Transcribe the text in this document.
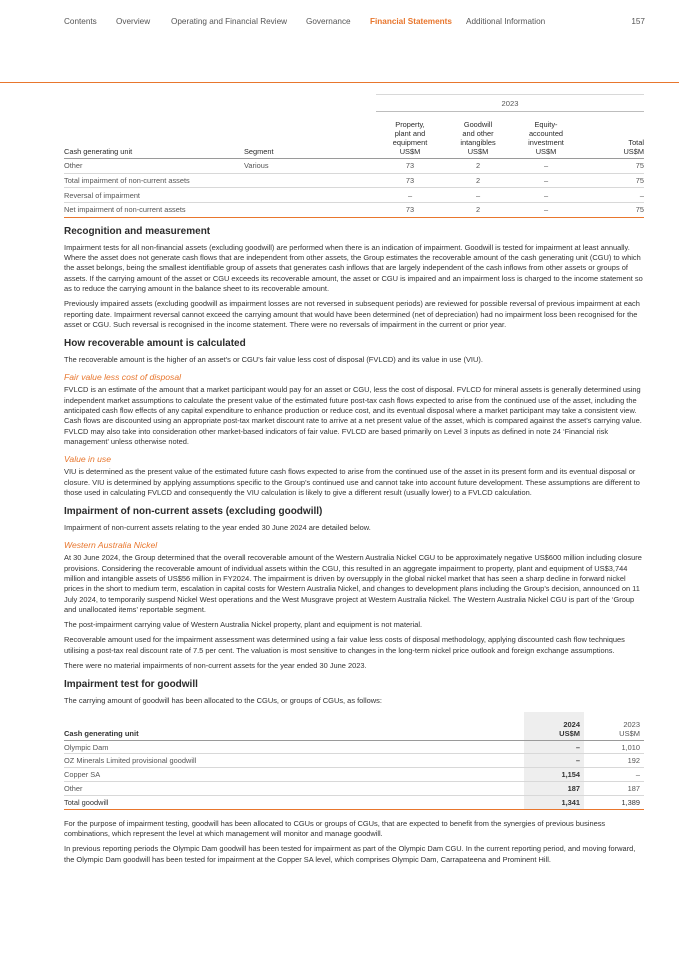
Contents Overview	Operating and Financial Review Governance Financial Statements Additional Information	157
		2023			
Cash generating unit	Segment	Property,
plant and
equipment
US$M	Goodwill
and other
intangibles
US$M	Equity-
accounted
investment
US$M	Total
US$M
Other	Various	73	2	–	75
Total impairment of non-current assets		73	2	–	75
Reversal of impairment		–	–	–	–
Net impairment of non-current assets		73	2	–	75
Recognition and measurement

Impairment tests for all non-financial assets (excluding goodwill) are performed when there is an indication of impairment. Goodwill is tested for impairment at least annually. Where the asset does not generate cash flows that are independent from other assets, the Group estimates the recoverable amount of the cash generating unit (CGU) to which the asset belongs, being the smallest identifiable group of assets that generates cash inflows that are largely independent of the cash inflows from other assets or groups of assets. If the carrying amount of the asset or CGU exceeds its recoverable amount, the asset or CGU is impaired and an impairment loss is charged to the income statement so as to reduce the carrying amount in the balance sheet to its recoverable amount.

Previously impaired assets (excluding goodwill as impairment losses are not reversed in subsequent periods) are reviewed for possible reversal of previous impairment at each reporting date. Impairment reversal cannot exceed the carrying amount that would have been determined (net of depreciation) had no impairment loss been recognised for the asset or CGU. Such reversal is recognised in the income statement. There were no reversals of impairment in the current or prior year.

How recoverable amount is calculated

The recoverable amount is the higher of an asset’s or CGU’s fair value less cost of disposal (FVLCD) and its value in use (VIU).

Fair value less cost of disposal

FVLCD is an estimate of the amount that a market participant would pay for an asset or CGU, less the cost of disposal. FVLCD for mineral assets is generally determined using independent market assumptions to calculate the present value of the estimated future post-tax cash flows expected to arise from the continued use of the asset, including the anticipated cash flow effects of any capital expenditure to enhance production or reduce cost, and its eventual disposal where a market participant may take a consistent view. Cash flows are discounted using an appropriate post-tax market discount rate to arrive at a net present value of the asset, which is compared against the asset’s carrying value. FVLCD may also take into consideration other market-based indicators of fair value. FVLCD are based primarily on Level 3 inputs as defined in note 24 ‘Financial risk management’ unless otherwise noted.

Value in use

VIU is determined as the present value of the estimated future cash flows expected to arise from the continued use of the asset in its present form and its eventual disposal or closure. VIU is determined by applying assumptions specific to the Group’s continued use and cannot take into account future development. These assumptions are different to those used in calculating FVLCD and consequently the VIU calculation is likely to give a different result (usually lower) to a FVLCD calculation.

Impairment of non-current assets (excluding goodwill)

Impairment of non-current assets relating to the year ended 30 June 2024 are detailed below.

Western Australia Nickel

At 30 June 2024, the Group determined that the overall recoverable amount of the Western Australia Nickel CGU to be approximately negative US$600 million including closure provisions. Considering the recoverable amount of individual assets within the CGU, this resulted in an aggregate impairment to property, plant and equipment of US$3,744 million and intangible assets of US$56 million in FY2024. The impairment is driven by oversupply in the global nickel market that has seen a sharp decline in forward nickel prices in the short to medium term, escalation in capital costs for Western Australia Nickel, and changes to development plans including the Group’s decision, announced on 11 July 2024, to temporarily suspend Nickel West operations and the West Musgrave project at Western Australia Nickel. The Western Australia Nickel CGU is part of the ‘Group and unallocated items’ reportable segment.

The post-impairment carrying value of Western Australia Nickel property, plant and equipment is not material.

Recoverable amount used for the impairment assessment was determined using a fair value less costs of disposal methodology, applying discounted cash flow techniques utilising a post-tax real discount rate of 7.5 per cent. The valuation is most sensitive to changes in the long-term nickel price outlook and foreign exchange assumptions.

There were no material impairments of non-current assets for the year ended 30 June 2023.

Impairment test for goodwill

The carrying amount of goodwill has been allocated to the CGUs, or groups of CGUs, as follows:

Cash generating unit	2024
US$M	2023
US$M
Olympic Dam	–	1,010
OZ Minerals Limited provisional goodwill	–	192
Copper SA	1,154	–
Other	187	187
Total goodwill	1,341	1,389

For the purpose of impairment testing, goodwill has been allocated to CGUs or groups of CGUs, that are expected to benefit from the synergies of previous business combinations, which represent the level at which management will monitor and manage goodwill.

In previous reporting periods the Olympic Dam goodwill has been tested for impairment as part of the Olympic Dam CGU. In the current reporting period, and moving forward, the Olympic Dam goodwill has been tested for impairment at the Copper SA level, which comprises Olympic Dam, Carrapateena and Prominent Hill.
